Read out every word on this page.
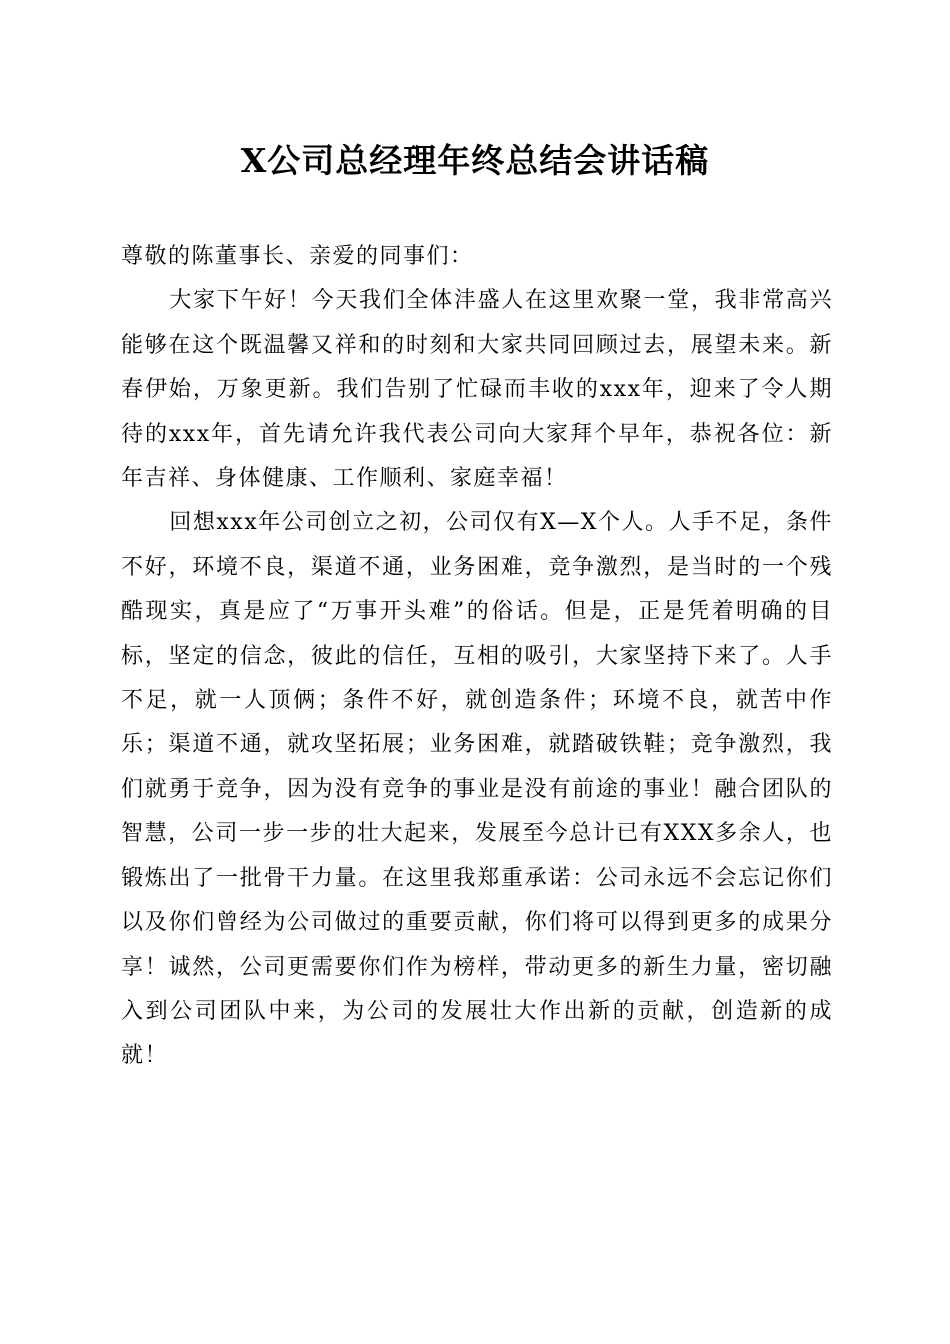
X公司总经理年终总结会讲话稿

尊敬的陈董事长、亲爱的同事们：

大家下午好！今天我们全体沣盛人在这里欢聚一堂，我非常高兴能够在这个既温馨又祥和的时刻和大家共同回顾过去，展望未来。新春伊始，万象更新。我们告别了忙碌而丰收的xxx年，迎来了令人期待的xxx年，首先请允许我代表公司向大家拜个早年，恭祝各位：新年吉祥、身体健康、工作顺利、家庭幸福！

回想xxx年公司创立之初，公司仅有X—X个人。人手不足，条件不好，环境不良，渠道不通，业务困难，竞争激烈，是当时的一个残酷现实，真是应了“万事开头难”的俗话。但是，正是凭着明确的目标，坚定的信念，彼此的信任，互相的吸引，大家坚持下来了。人手不足，就一人顶俩；条件不好，就创造条件；环境不良，就苦中作乐；渠道不通，就攻坚拓展；业务困难，就踏破铁鞋；竞争激烈，我们就勇于竞争，因为没有竞争的事业是没有前途的事业！融合团队的智慧，公司一步一步的壮大起来，发展至今总计已有XXX多余人，也锻炼出了一批骨干力量。在这里我郑重承诺：公司永远不会忘记你们以及你们曾经为公司做过的重要贡献，你们将可以得到更多的成果分享！诚然，公司更需要你们作为榜样，带动更多的新生力量，密切融入到公司团队中来，为公司的发展壮大作出新的贡献，创造新的成就！
